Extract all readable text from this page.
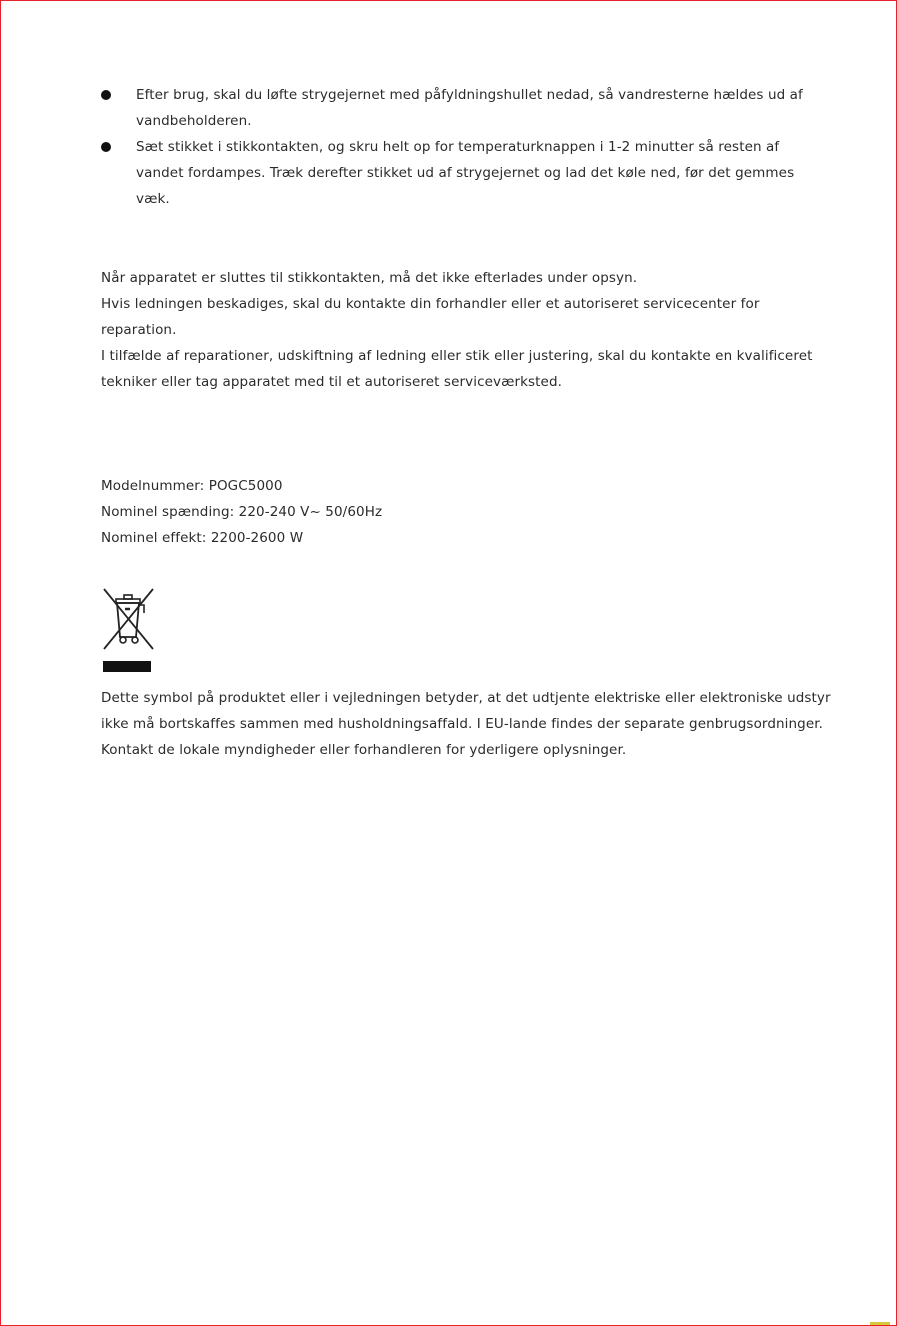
Efter brug, skal du løfte strygejernet med påfyldningshullet nedad, så vandresterne hældes ud af vandbeholderen.
Sæt stikket i stikkontakten, og skru helt op for temperaturknappen i 1-2 minutter så resten af vandet fordampes. Træk derefter stikket ud af strygejernet og lad det køle ned, før det gemmes væk.

Når apparatet er sluttes til stikkontakten, må det ikke efterlades under opsyn.

Hvis ledningen beskadiges, skal du kontakte din forhandler eller et autoriseret servicecenter for reparation.

I tilfælde af reparationer, udskiftning af ledning eller stik eller justering, skal du kontakte en kvalificeret tekniker eller tag apparatet med til et autoriseret serviceværksted.

Modelnummer: POGC5000

Nominel spænding: 220-240 V~ 50/60Hz

Nominel effekt: 2200-2600 W

Dette symbol på produktet eller i vejledningen betyder, at det udtjente elektriske eller elektroniske udstyr ikke må bortskaffes sammen med husholdningsaffald. I EU-lande findes der separate genbrugsordninger. Kontakt de lokale myndigheder eller forhandleren for yderligere oplysninger.
